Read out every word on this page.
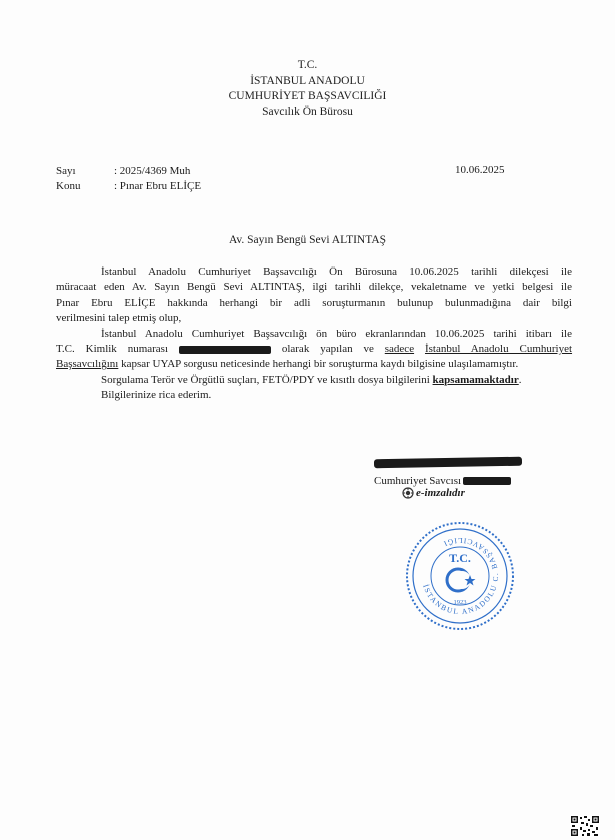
T.C.
İSTANBUL ANADOLU
CUMHURİYET BAŞSAVCILIĞI
Savcılık Ön Bürosu
Sayı	: 2025/4369 Muh
Konu	: Pınar Ebru ELİÇE
10.06.2025
Av. Sayın Bengü Sevi ALTINTAŞ

İstanbul Anadolu Cumhuriyet Başsavcılığı Ön Bürosuna 10.06.2025 tarihli dilekçesi ile
müracaat eden Av. Sayın Bengü Sevi ALTINTAŞ, ilgi tarihli dilekçe, vekaletname ve yetki belgesi ile
Pınar Ebru ELİÇE hakkında herhangi bir adli soruşturmanın bulunup bulunmadığına dair bilgi
verilmesini talep etmiş olup,

İstanbul Anadolu Cumhuriyet Başsavcılığı ön büro ekranlarından 10.06.2025 tarihi itibarı ile
T.C. Kimlik numarası	olarak yapılan ve sadece İstanbul Anadolu Cumhuriyet
Başsavcılığını kapsar UYAP sorgusu neticesinde herhangi bir soruşturma kaydı bilgisine ulaşılamamıştır.

Sorgulama Terör ve Örgütlü suçları, FETÖ/PDY ve kısıtlı dosya bilgilerini kapsamamaktadır.

Bilgilerinize rica ederim.

Cumhuriyet Savcısı
e-imzalıdır
İSTANBUL ANADOLU C. BAŞSAVCILIĞI
T.C.
1923
